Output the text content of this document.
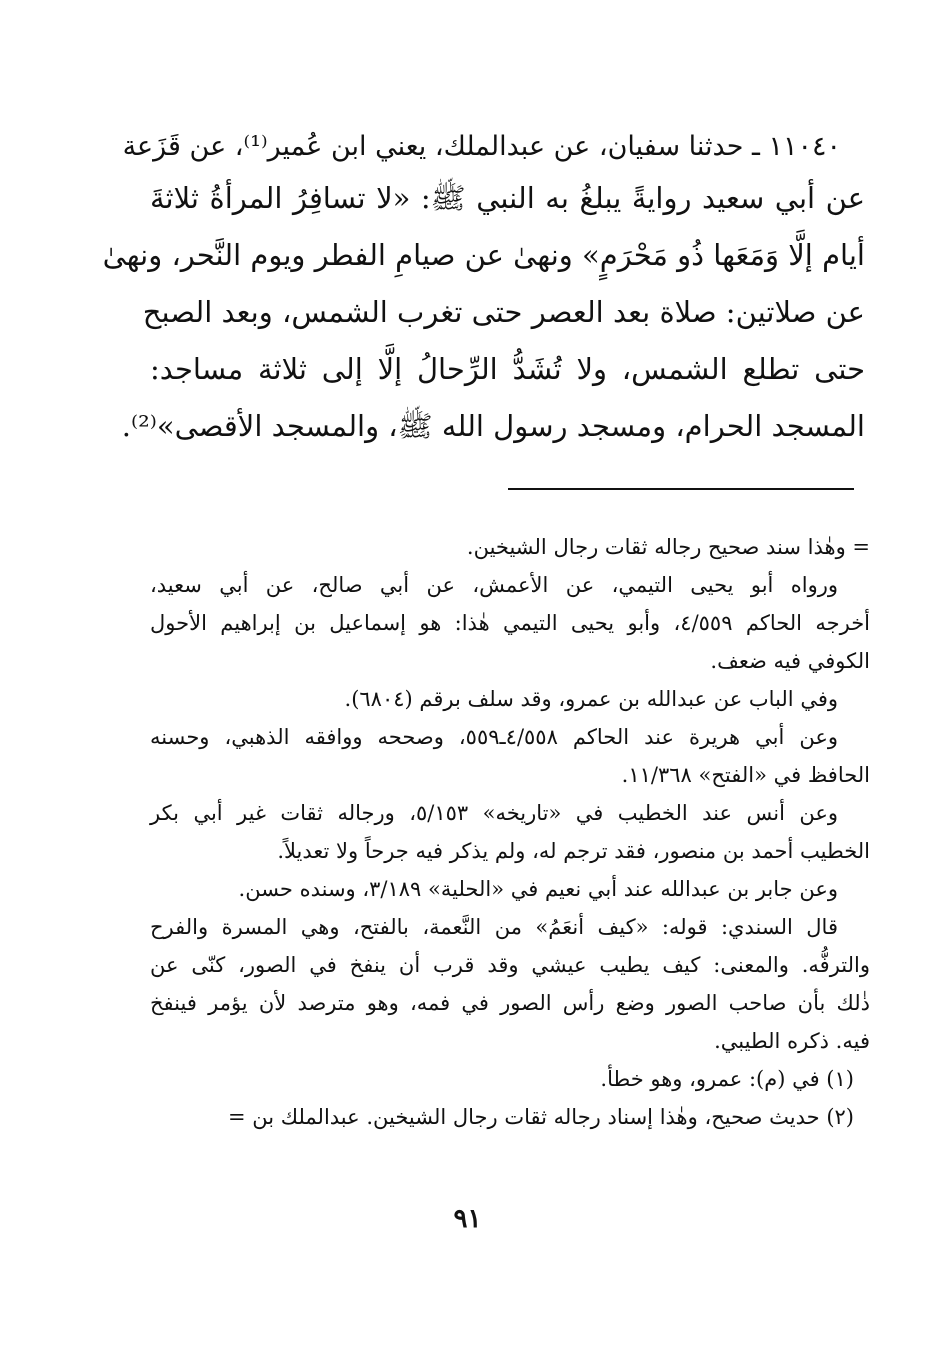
١١٠٤٠ ـ حدثنا سفيان، عن عبدالملك، يعني ابن عُمير⁽¹⁾، عن قَزَعة
عن أبي سعيد روايةً يبلغُ به النبي ﷺ: «لا تسافِرُ المرأةُ ثلاثةَ
أيام إلَّا وَمَعَها ذُو مَحْرَمٍ» ونهىٰ عن صيامِ الفطر ويوم النَّحر، ونهىٰ
عن صلاتين: صلاة بعد العصر حتى تغرب الشمس، وبعد الصبح
حتى تطلع الشمس، ولا تُشَدُّ الرِّحالُ إلَّا إلى ثلاثة مساجد:
المسجد الحرام، ومسجد رسول الله ﷺ، والمسجد الأقصى»⁽²⁾.
= وهٰذا سند صحيح رجاله ثقات رجال الشيخين.
ورواه أبو يحيى التيمي، عن الأعمش، عن أبي صالح، عن أبي سعيد،
أخرجه الحاكم ٤/٥٥٩، وأبو يحيى التيمي هٰذا: هو إسماعيل بن إبراهيم الأحول
الكوفي فيه ضعف.
وفي الباب عن عبدالله بن عمرو، وقد سلف برقم (٦٨٠٤).
وعن أبي هريرة عند الحاكم ٤/٥٥٨ـ٥٥٩، وصححه ووافقه الذهبي، وحسنه
الحافظ في «الفتح» ١١/٣٦٨.
وعن أنس عند الخطيب في «تاريخه» ٥/١٥٣، ورجاله ثقات غير أبي بكر
الخطيب أحمد بن منصور، فقد ترجم له، ولم يذكر فيه جرحاً ولا تعديلاً.
وعن جابر بن عبدالله عند أبي نعيم في «الحلية» ٣/١٨٩، وسنده حسن.
قال السندي: قوله: «كيف أنعَمُ» من النَّعمة، بالفتح، وهي المسرة والفرح
والترفُّه. والمعنى: كيف يطيب عيشي وقد قرب أن ينفخ في الصور، كنّى عن
ذٰلك بأن صاحب الصور وضع رأس الصور في فمه، وهو مترصد لأن يؤمر فينفخ
فيه. ذكره الطيبي.
(١) في (م): عمرو، وهو خطأ.
(٢) حديث صحيح، وهٰذا إسناد رجاله ثقات رجال الشيخين. عبدالملك بن =
٩١
